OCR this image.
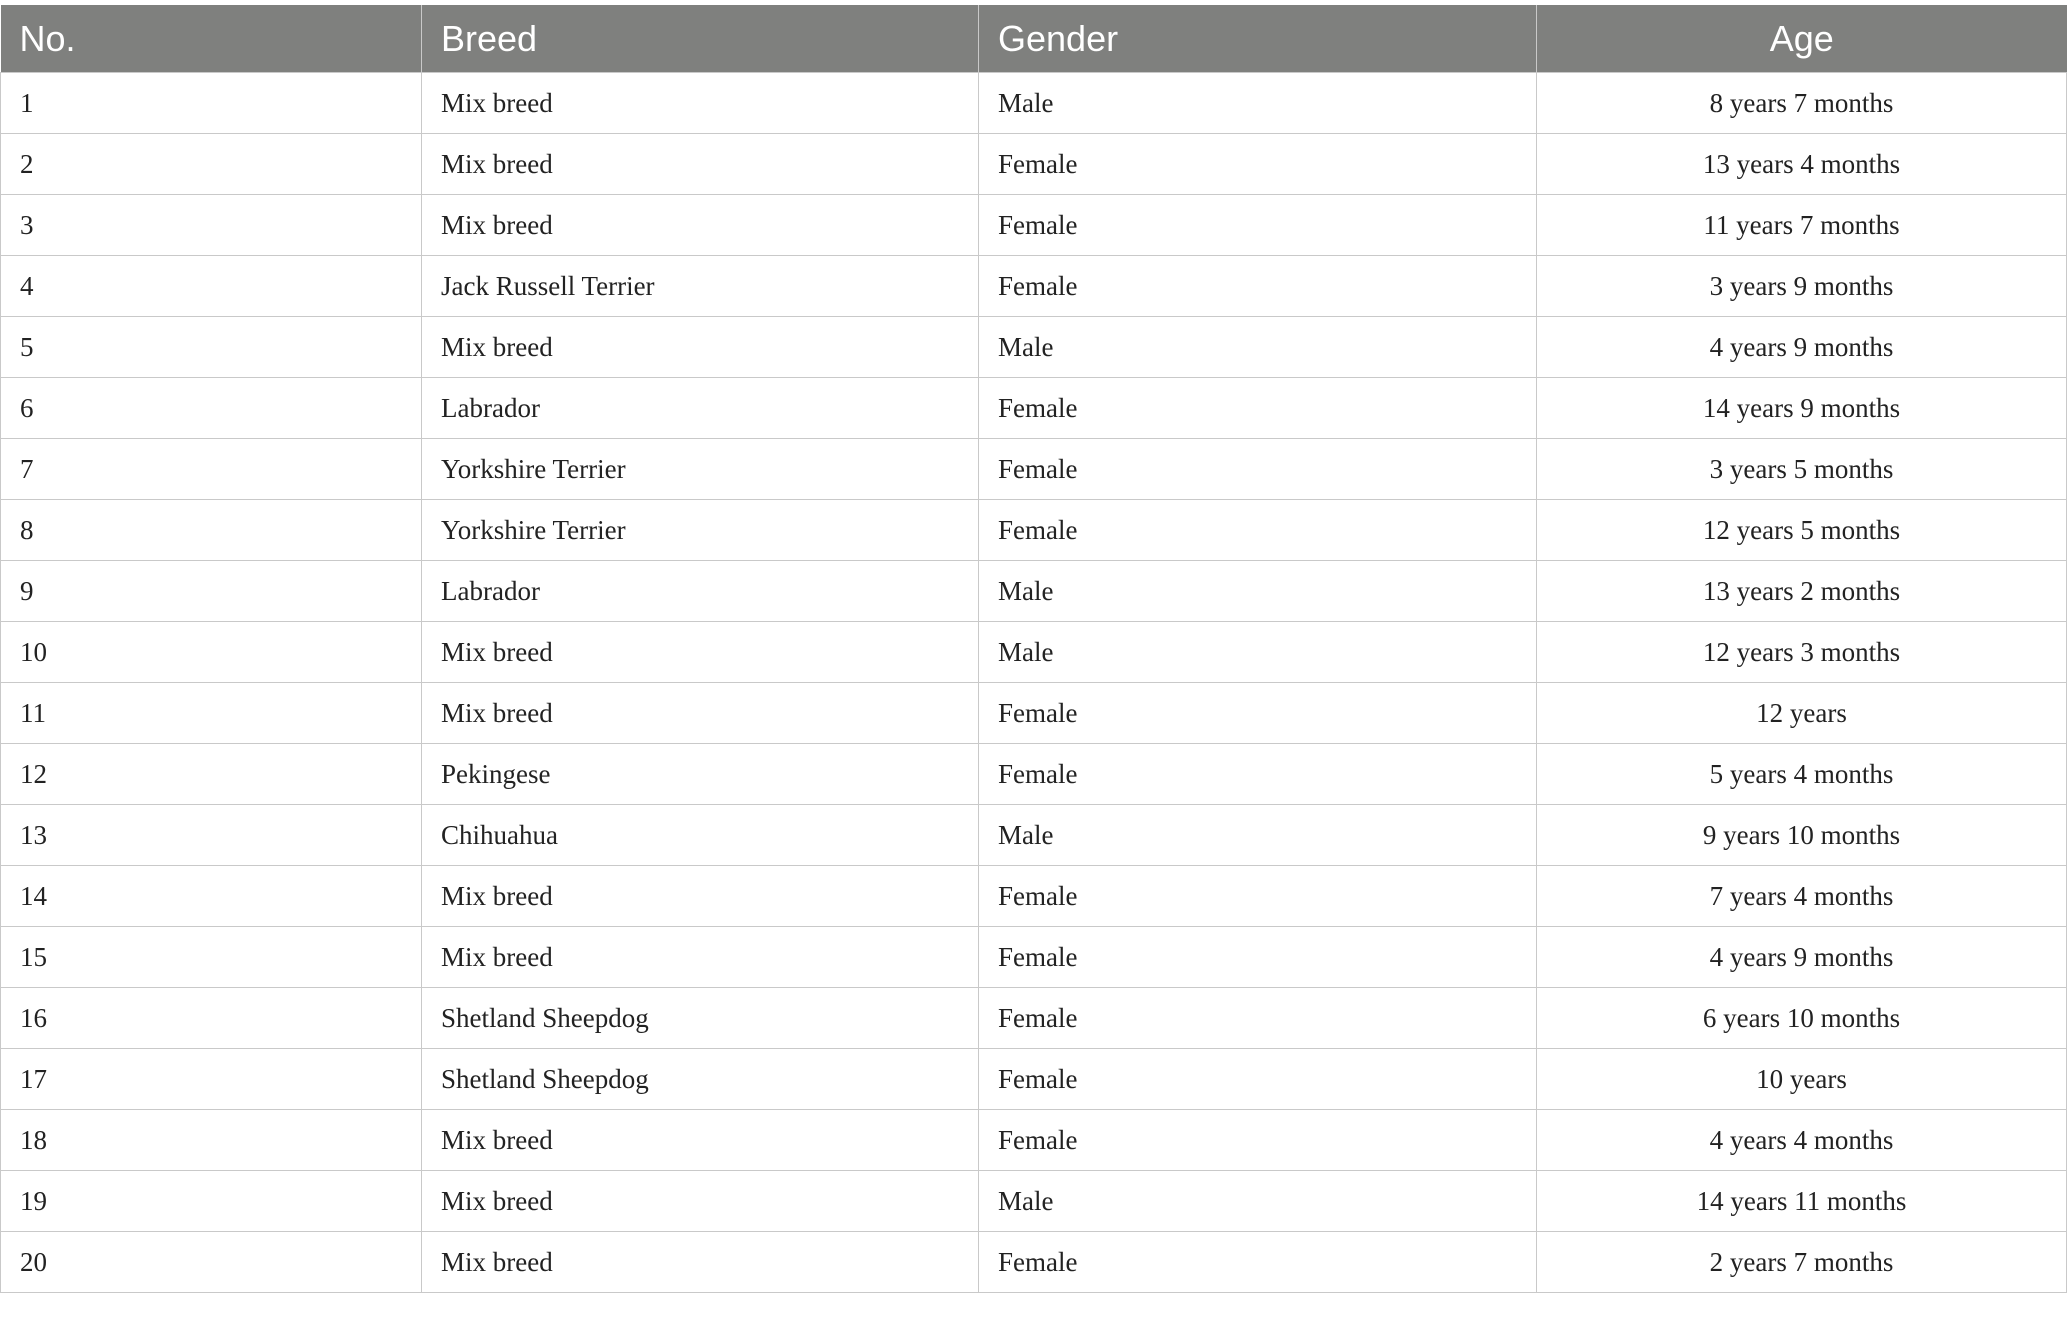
No.	Breed	Gender	Age
1	Mix breed	Male	8 years 7 months
2	Mix breed	Female	13 years 4 months
3	Mix breed	Female	11 years 7 months
4	Jack Russell Terrier	Female	3 years 9 months
5	Mix breed	Male	4 years 9 months
6	Labrador	Female	14 years 9 months
7	Yorkshire Terrier	Female	3 years 5 months
8	Yorkshire Terrier	Female	12 years 5 months
9	Labrador	Male	13 years 2 months
10	Mix breed	Male	12 years 3 months
11	Mix breed	Female	12 years
12	Pekingese	Female	5 years 4 months
13	Chihuahua	Male	9 years 10 months
14	Mix breed	Female	7 years 4 months
15	Mix breed	Female	4 years 9 months
16	Shetland Sheepdog	Female	6 years 10 months
17	Shetland Sheepdog	Female	10 years
18	Mix breed	Female	4 years 4 months
19	Mix breed	Male	14 years 11 months
20	Mix breed	Female	2 years 7 months
